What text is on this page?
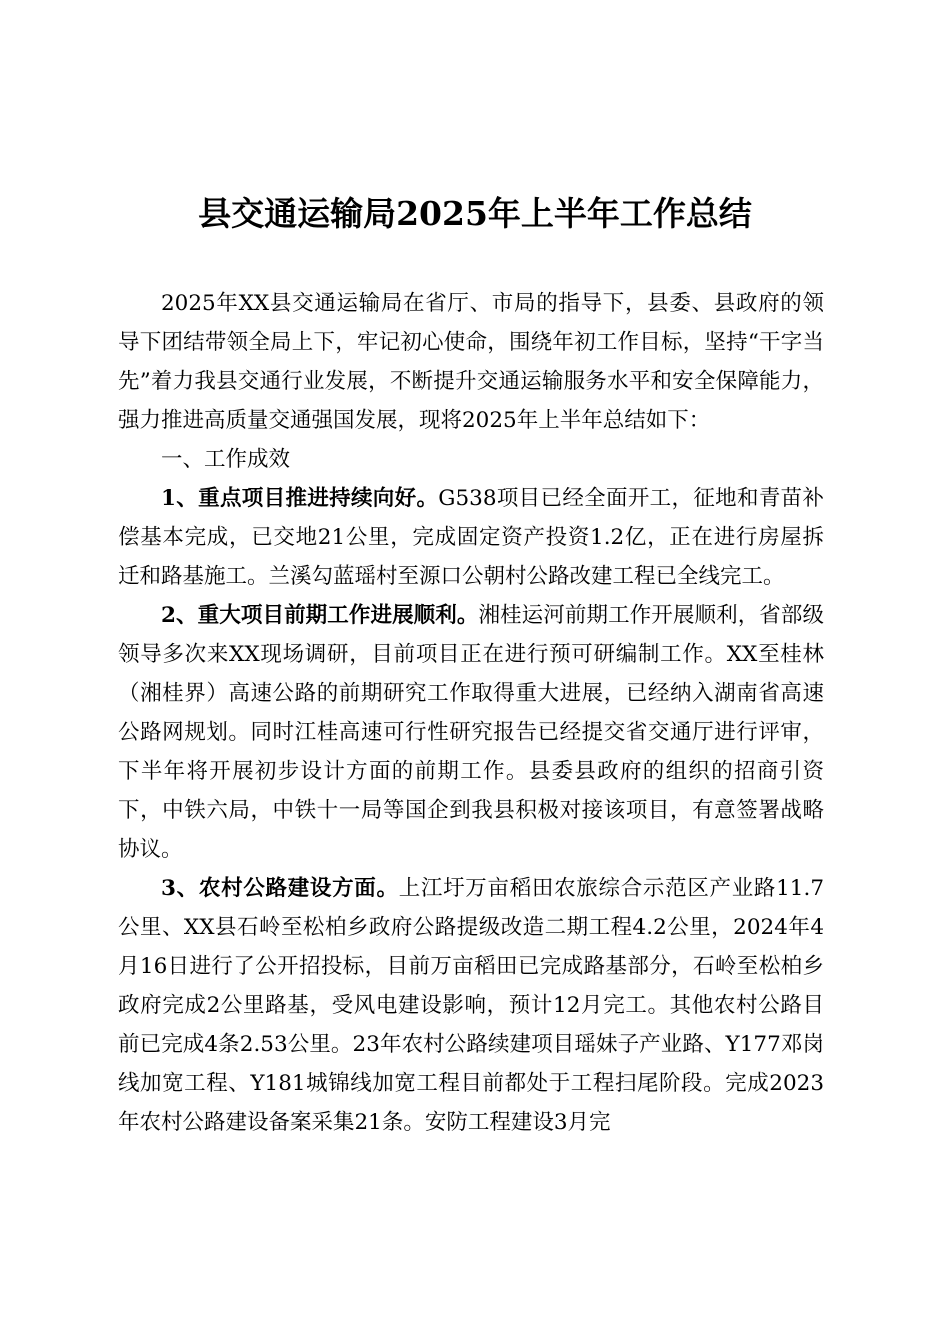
县交通运输局2025年上半年工作总结

2025年XX县交通运输局在省厅、市局的指导下，县委、县政府的领导下团结带领全局上下，牢记初心使命，围绕年初工作目标，坚持“干字当先”着力我县交通行业发展，不断提升交通运输服务水平和安全保障能力，强力推进高质量交通强国发展，现将2025年上半年总结如下：

一、工作成效

1、重点项目推进持续向好。G538项目已经全面开工，征地和青苗补偿基本完成，已交地21公里，完成固定资产投资1.2亿，正在进行房屋拆迁和路基施工。兰溪勾蓝瑶村至源口公朝村公路改建工程已全线完工。

2、重大项目前期工作进展顺利。湘桂运河前期工作开展顺利，省部级领导多次来XX现场调研，目前项目正在进行预可研编制工作。XX至桂林（湘桂界）高速公路的前期研究工作取得重大进展，已经纳入湖南省高速公路网规划。同时江桂高速可行性研究报告已经提交省交通厅进行评审，下半年将开展初步设计方面的前期工作。县委县政府的组织的招商引资下，中铁六局，中铁十一局等国企到我县积极对接该项目，有意签署战略协议。

3、农村公路建设方面。上江圩万亩稻田农旅综合示范区产业路11.7公里、XX县石岭至松柏乡政府公路提级改造二期工程4.2公里，2024年4月16日进行了公开招投标，目前万亩稻田已完成路基部分，石岭至松柏乡政府完成2公里路基，受风电建设影响，预计12月完工。其他农村公路目前已完成4条2.53公里。23年农村公路续建项目瑶妹子产业路、Y177邓岗线加宽工程、Y181城锦线加宽工程目前都处于工程扫尾阶段。完成2023年农村公路建设备案采集21条。安防工程建设3月完
